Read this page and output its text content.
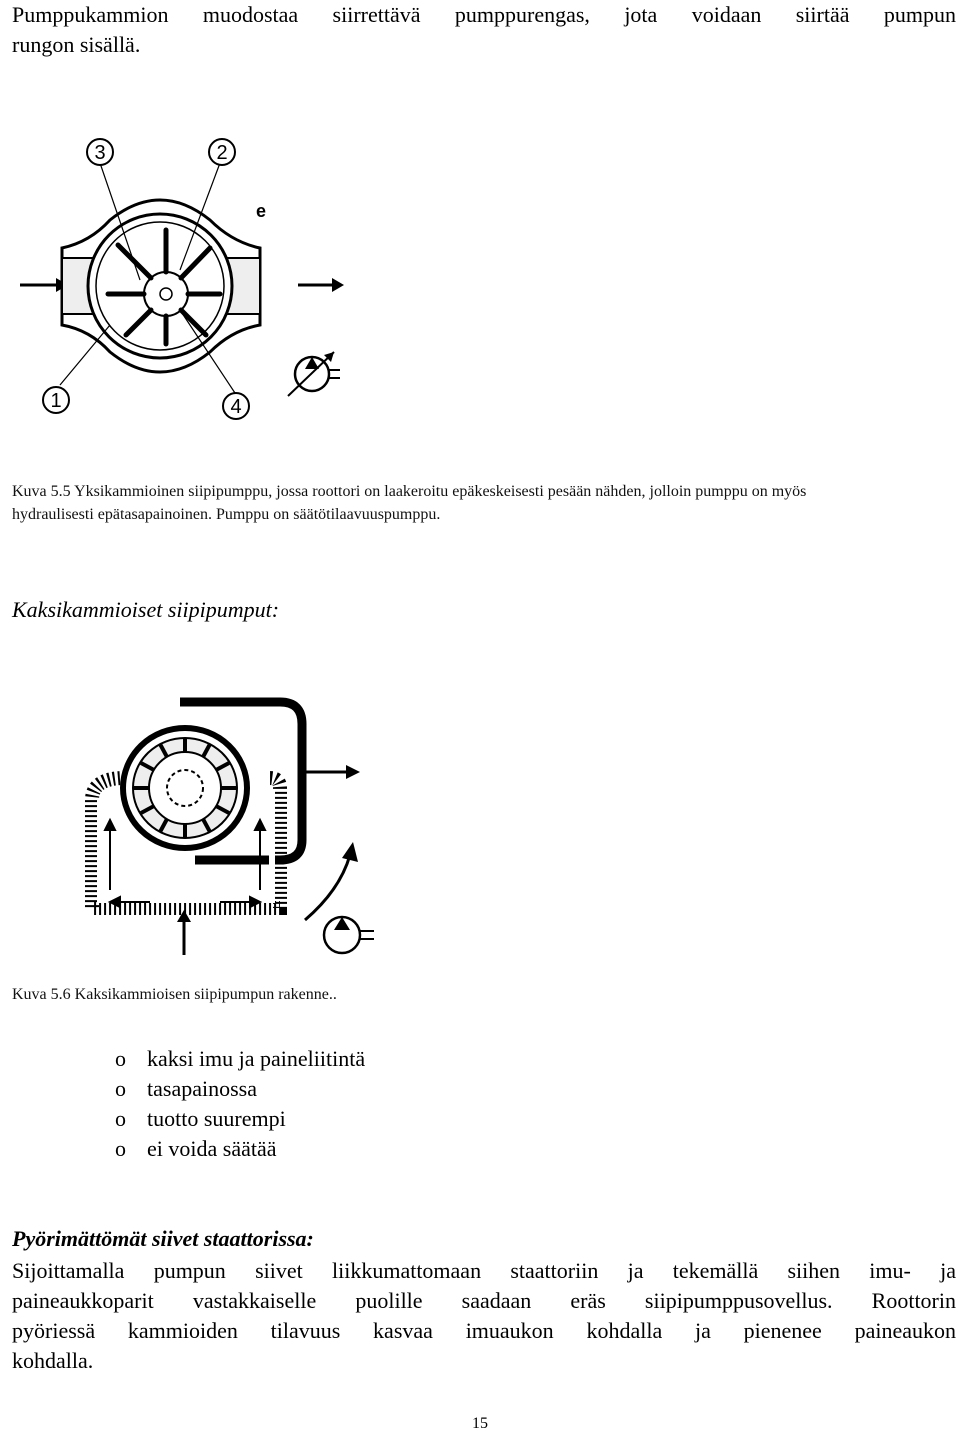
Pumppukammion muodostaa siirrettävä pumppurengas, jota voidaan siirtää pumpun
rungon sisällä.
3	2
e
1	4
Kuva 5.5 Yksikammioinen siipipumppu, jossa roottori on laakeroitu epäkeskeisesti pesään nähden, jolloin pumppu on myös
hydraulisesti epätasapainoinen. Pumppu on säätötilaavuuspumppu.
Kaksikammioiset siipipumput:
Kuva 5.6 Kaksikammioisen siipipumpun rakenne..
o kaksi imu ja paineliitintä
o tasapainossa
o tuotto suurempi
o ei voida säätää
Pyörimättömät siivet staattorissa:
Sijoittamalla pumpun siivet liikkumattomaan staattoriin ja tekemällä siihen imu- ja
paineaukkoparit vastakkaiselle puolille saadaan eräs siipipumppusovellus. Roottorin
pyöriessä kammioiden tilavuus kasvaa imuaukon kohdalla ja pienenee paineaukon
kohdalla.
15
